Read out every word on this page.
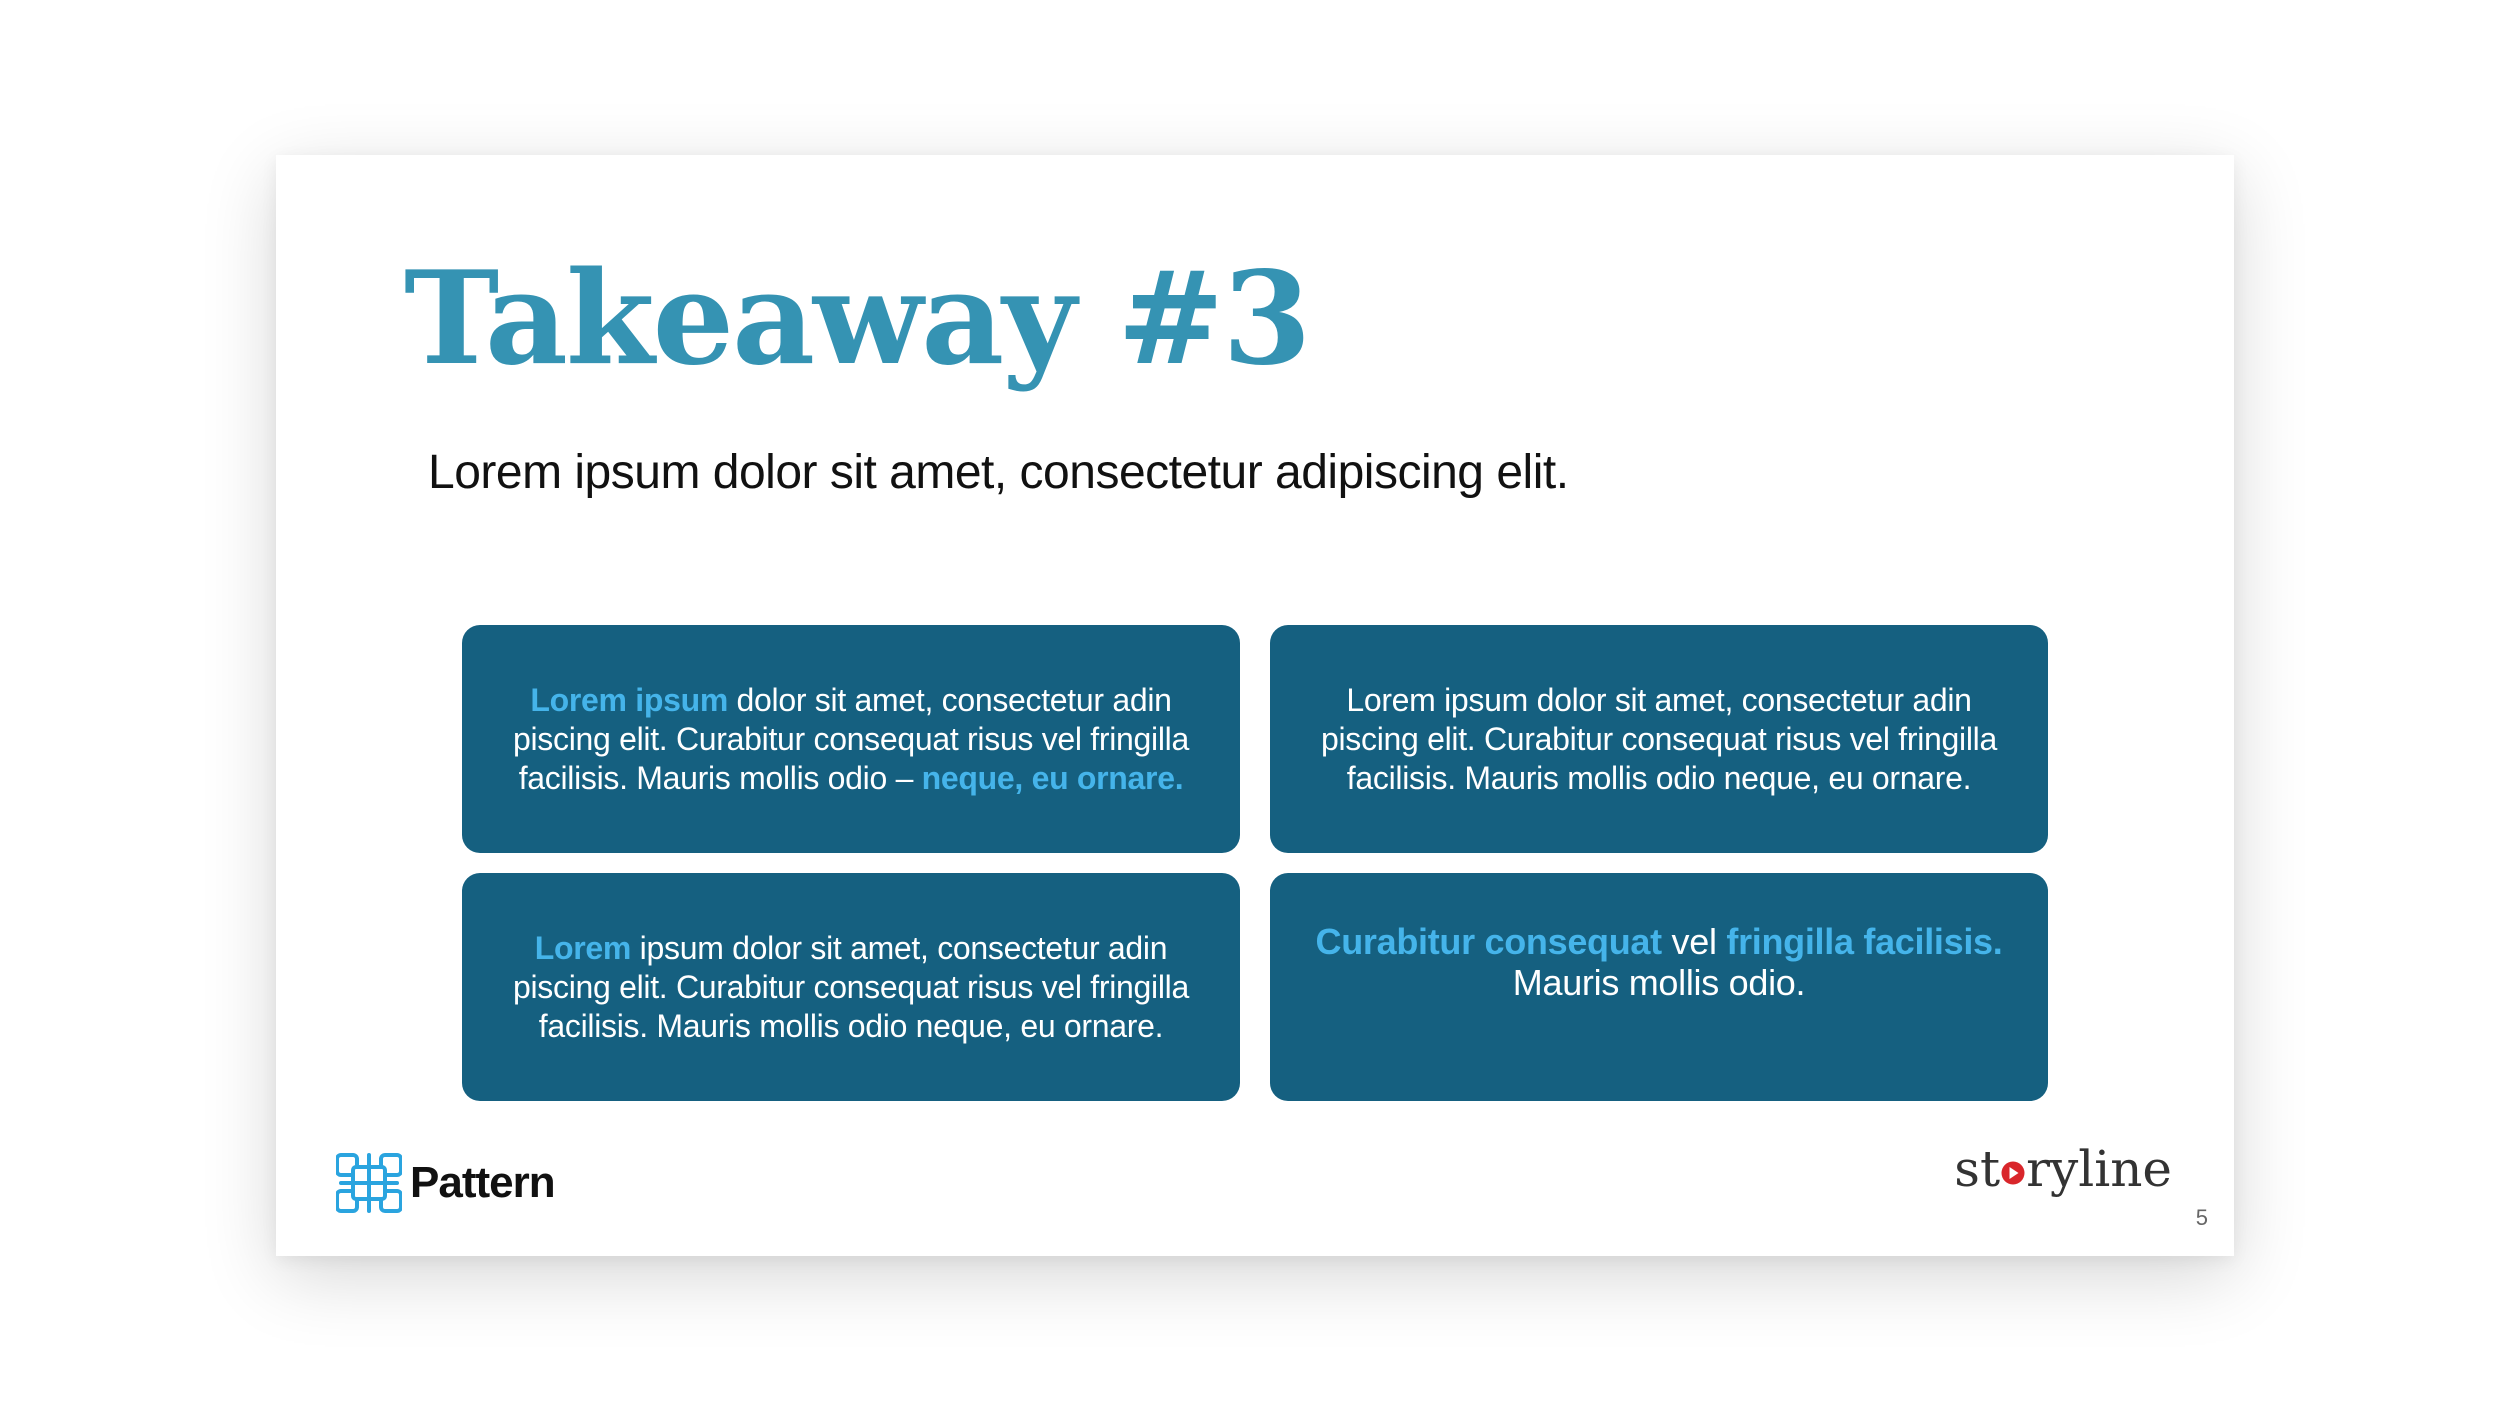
Takeaway #3

Lorem ipsum dolor sit amet, consectetur adipiscing elit.

Lorem ipsum dolor sit amet, consectetur adin piscing elit. Curabitur consequat risus vel fringilla facilisis. Mauris mollis odio – neque, eu ornare.
Lorem ipsum dolor sit amet, consectetur adin piscing elit. Curabitur consequat risus vel fringilla facilisis. Mauris mollis odio neque, eu ornare.
Lorem ipsum dolor sit amet, consectetur adin piscing elit. Curabitur consequat risus vel fringilla facilisis. Mauris mollis odio neque, eu ornare.
Curabitur consequat vel fringilla facilisis.
Mauris mollis odio.
Pattern	st ryline
5
